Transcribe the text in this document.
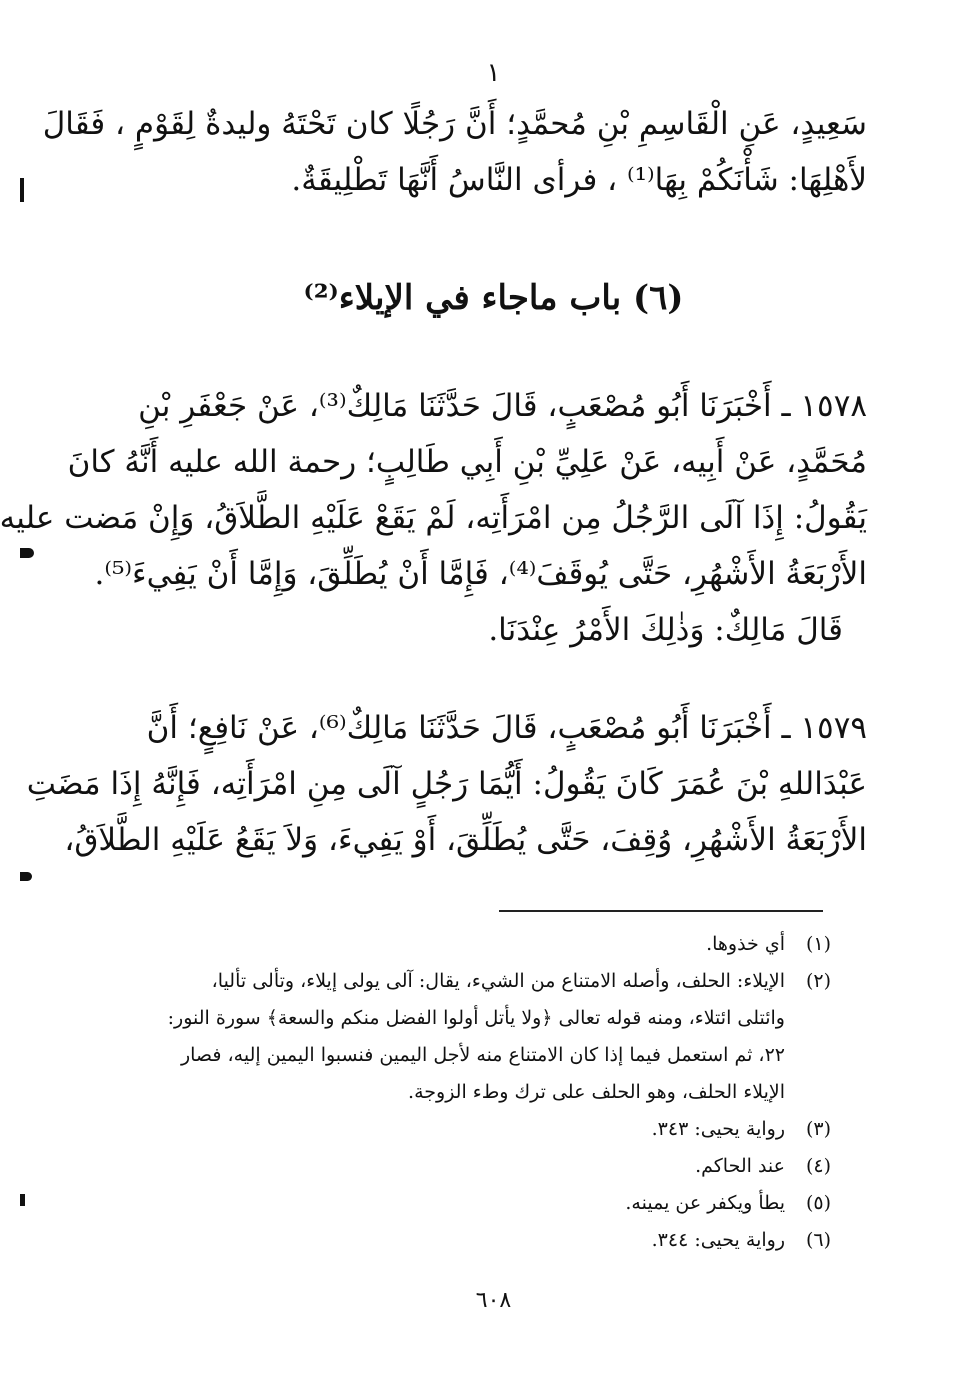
١
سَعِيدٍ، عَنِ الْقَاسِمِ بْنِ مُحمَّدٍ؛ أَنَّ رَجُلًا كان تَحْتَهُ وليدةٌ لِقَوْمٍ ، فَقَالَ
لأَهْلِهَا: شَأْنَكُمْ بِهَا⁽¹⁾ ، فرأى النَّاسُ أَنَّهَا تَطْلِيقَةٌ.
(٦) باب ماجاء في الإيلاء⁽²⁾
١٥٧٨ ـ أَخْبَرَنَا أَبُو مُصْعَبٍ، قَالَ حَدَّثَنَا مَالِكٌ⁽³⁾، عَنْ جَعْفَرِ بْنِ
مُحَمَّدٍ، عَنْ أَبِيه، عَنْ عَلِيِّ بْنِ أَبِي طَالِبٍ؛ رحمة الله عليه أَنَّهُ كانَ
يَقُولُ: إِذَا آلَى الرَّجُلُ مِن امْرَأَتِه، لَمْ يَقَعْ عَلَيْهِ الطَّلاَقُ، وَإِنْ مَضت عليه
الأَرْبَعَةُ الأَشْهُرِ، حَتَّى يُوقَفَ⁽⁴⁾، فَإِمَّا أَنْ يُطَلِّقَ، وَإِمَّا أَنْ يَفِيءَ⁽⁵⁾.
قَالَ مَالِكٌ: وَذٰلِكَ الأَمْرُ عِنْدَنَا.
١٥٧٩ ـ أَخْبَرَنَا أَبُو مُصْعَبٍ، قَالَ حَدَّثَنَا مَالِكٌ⁽⁶⁾، عَنْ نَافِعٍ؛ أَنَّ
عَبْدَاللهِ بْنَ عُمَرَ كَانَ يَقُولُ: أَيُّمَا رَجُلٍ آلَى مِنِ امْرَأَتِه، فَإِنَّهُ إِذَا مَضَتِ
الأَرْبَعَةُ الأَشْهُرِ، وُقِفَ، حَتَّى يُطَلِّقَ، أَوْ يَفِيءَ، وَلاَ يَقَعُ عَلَيْهِ الطَّلاَقُ،
(١)
أي خذوها.
(٢)
الإيلاء: الحلف، وأصله الامتناع من الشيء، يقال: آلى يولى إيلاء، وتألى تأليا،
وائتلى ائتلاء، ومنه قوله تعالى ﴿ولا يأتل أولوا الفضل منكم والسعة﴾ سورة النور:
٢٢، ثم استعمل فيما إذا كان الامتناع منه لأجل اليمين فنسبوا اليمين إليه، فصار
الإيلاء الحلف، وهو الحلف على ترك وطء الزوجة.
(٣)
رواية يحيى: ٣٤٣.
(٤)
عند الحاكم.
(٥)
يطأ ويكفر عن يمينه.
(٦)
رواية يحيى: ٣٤٤.
٦٠٨
